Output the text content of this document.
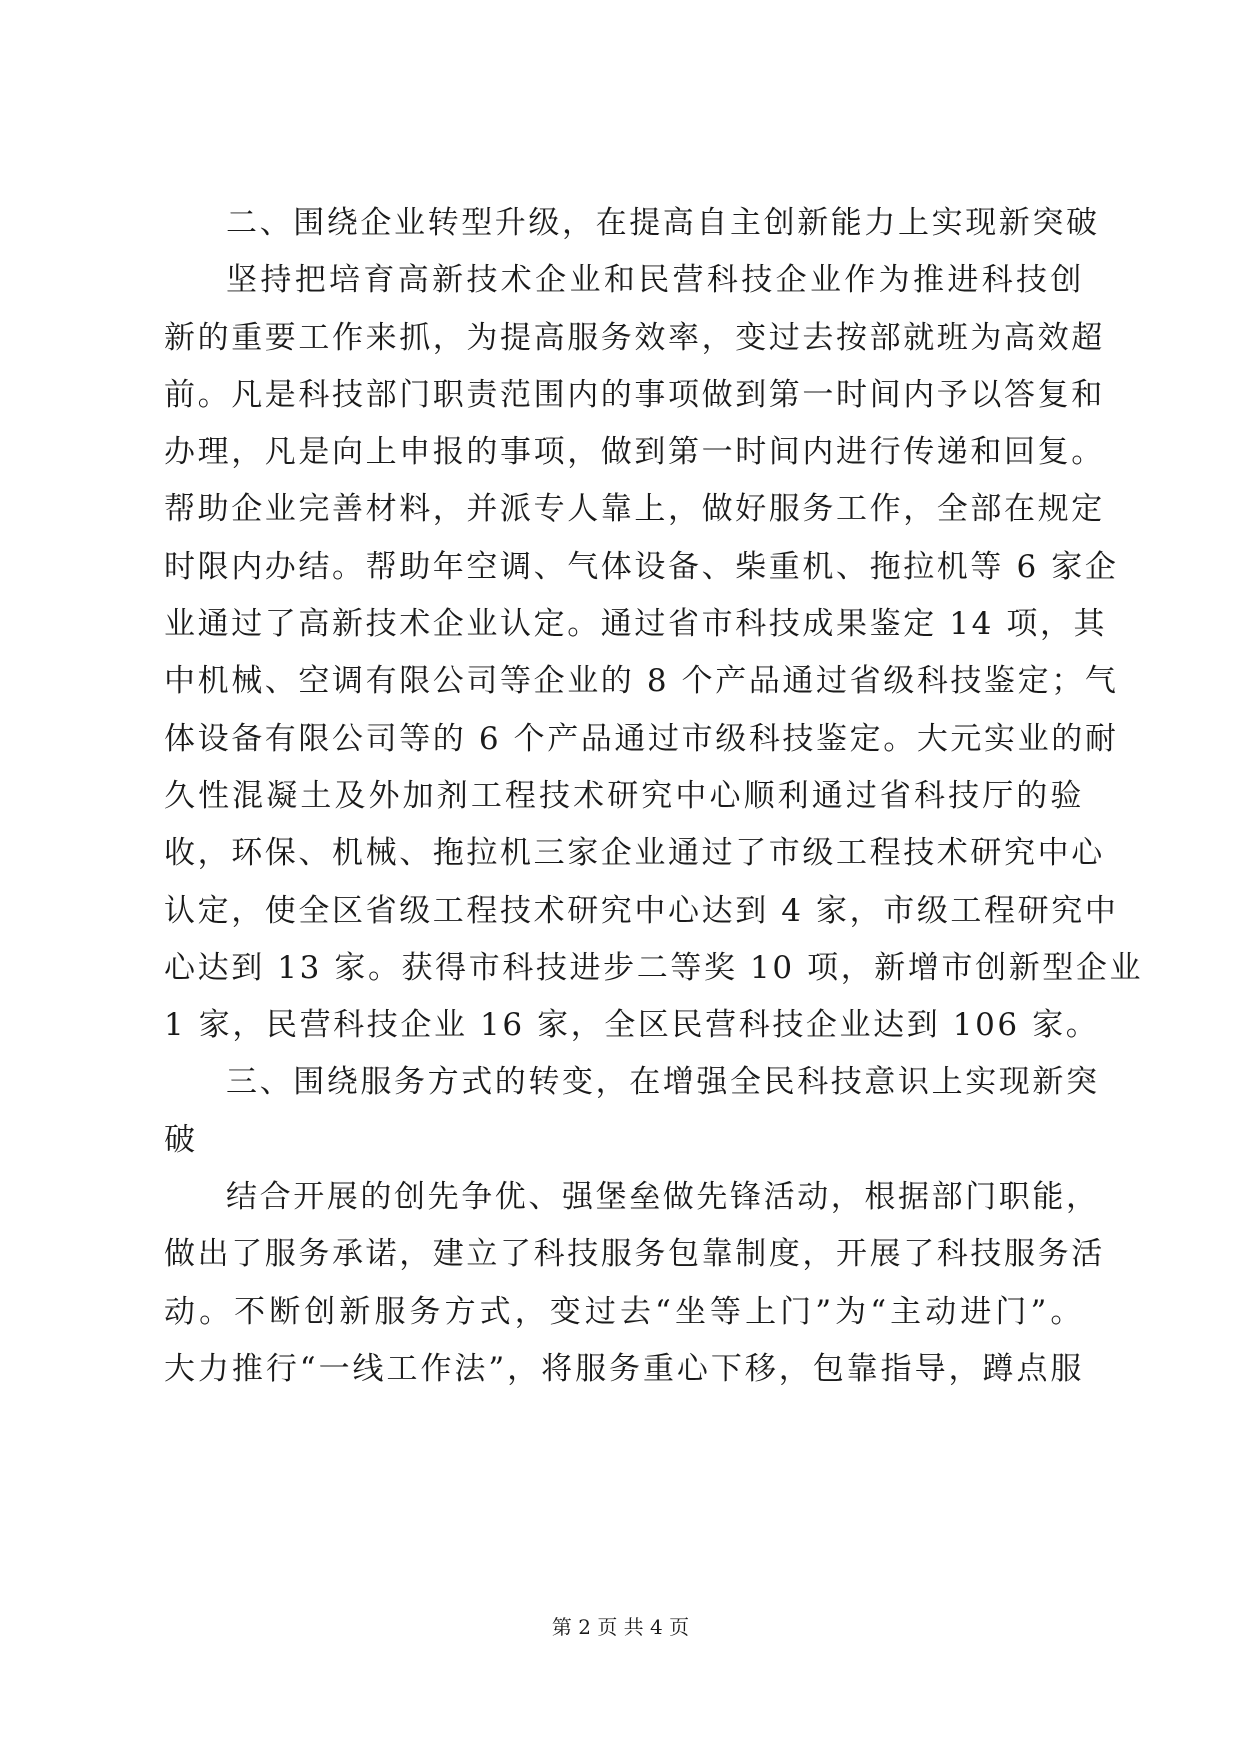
二、围绕企业转型升级，在提高自主创新能力上实现新突破
坚持把培育高新技术企业和民营科技企业作为推进科技创
新的重要工作来抓，为提高服务效率，变过去按部就班为高效超
前。凡是科技部门职责范围内的事项做到第一时间内予以答复和
办理，凡是向上申报的事项，做到第一时间内进行传递和回复。
帮助企业完善材料，并派专人靠上，做好服务工作，全部在规定
时限内办结。帮助年空调、气体设备、柴重机、拖拉机等 6 家企
业通过了高新技术企业认定。通过省市科技成果鉴定 14 项，其
中机械、空调有限公司等企业的 8 个产品通过省级科技鉴定；气
体设备有限公司等的 6 个产品通过市级科技鉴定。大元实业的耐
久性混凝土及外加剂工程技术研究中心顺利通过省科技厅的验
收，环保、机械、拖拉机三家企业通过了市级工程技术研究中心
认定，使全区省级工程技术研究中心达到 4 家，市级工程研究中
心达到 13 家。获得市科技进步二等奖 10 项，新增市创新型企业
1 家，民营科技企业 16 家，全区民营科技企业达到 106 家。
三、围绕服务方式的转变，在增强全民科技意识上实现新突
破
结合开展的创先争优、强堡垒做先锋活动，根据部门职能，
做出了服务承诺，建立了科技服务包靠制度，开展了科技服务活
动。不断创新服务方式，变过去“坐等上门”为“主动进门”。
大力推行“一线工作法”，将服务重心下移，包靠指导，蹲点服
第 2 页 共 4 页
